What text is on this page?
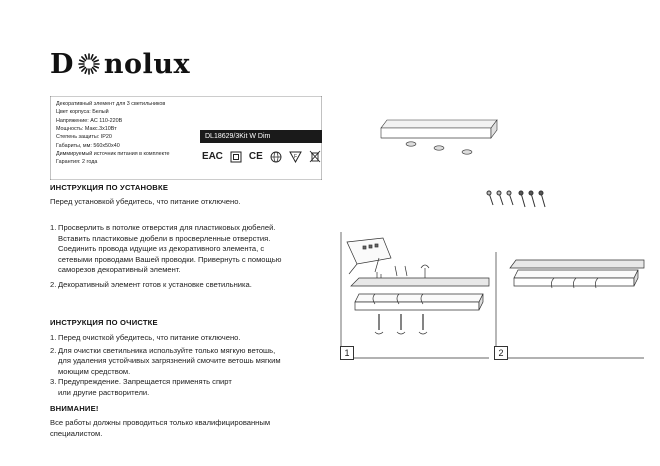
D nolux
Декоративный элемент для 3 светильников
Цвет корпуса: Белый
Напряжение: AC 110-220В
Мощность: Макс.3х10Вт
Степень защиты: IP20
Габариты, мм: 560х50х40
Диммируемый источник питания в комплекте
Гарантия: 2 года
DL18629/3Kit W Dim
ЕАС	CE	F
ИНСТРУКЦИЯ ПО УСТАНОВКЕ
Перед установкой убедитесь, что питание отключено.
1. Просверлить в потолке отверстия для пластиковых дюбелей.
Вставить пластиковые дюбели в просверленные отверстия.
Соединить провода идущие из декоративного элемента, с
сетевыми проводами Вашей проводки. Привернуть с помощью
саморезов декоративный элемент.
2. Декоративный элемент готов к установке светильника.
ИНСТРУКЦИЯ ПО ОЧИСТКЕ
1. Перед очисткой убедитесь, что питание отключено.
2. Для очистки светильника используйте только мягкую ветошь,
для удаления устойчивых загрязнений смочите ветошь мягким
моющим средством.
3. Предупреждение. Запрещается применять спирт
или другие растворители.
ВНИМАНИЕ!
Все работы должны проводиться только квалифицированным
специалистом.
1	2
